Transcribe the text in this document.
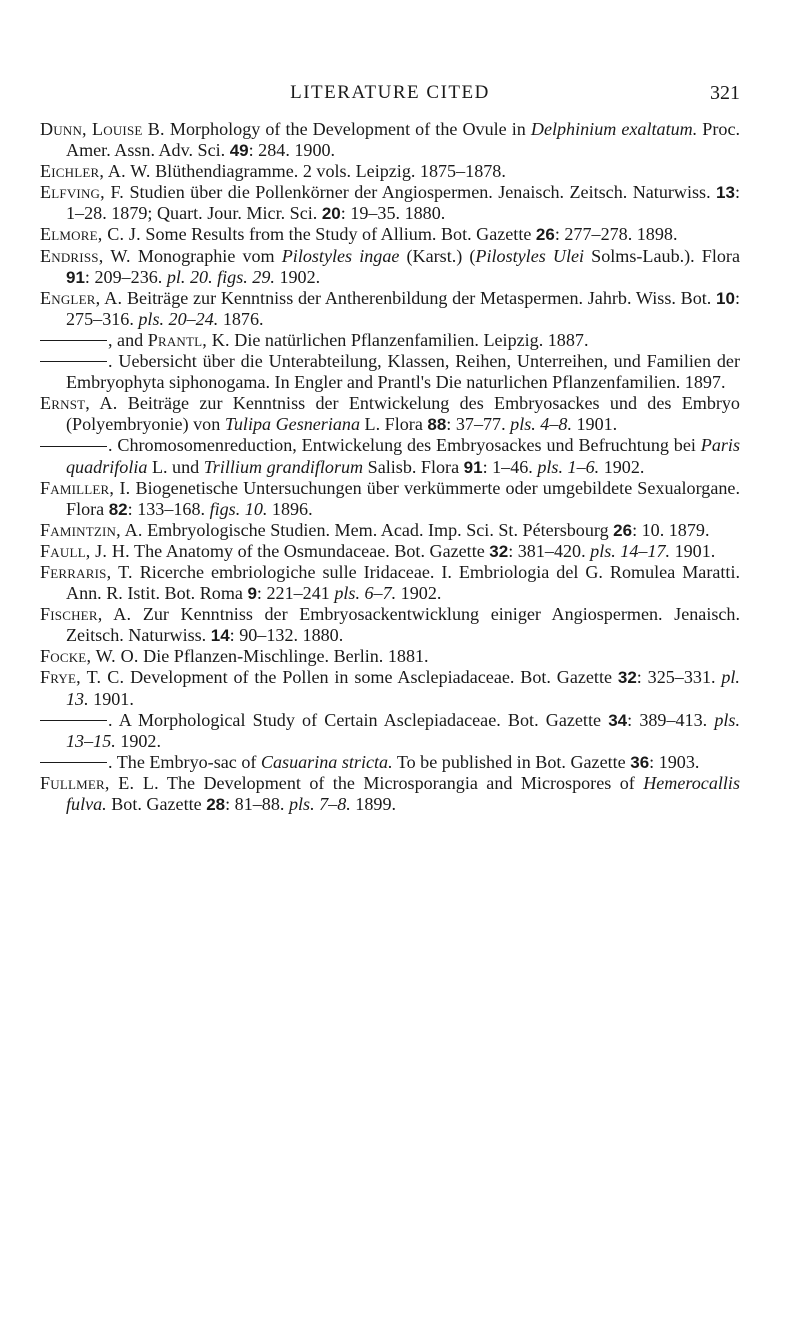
LITERATURE CITED	321
Dunn, Louise B. Morphology of the Development of the Ovule in Delphinium exaltatum. Proc. Amer. Assn. Adv. Sci. 49: 284. 1900.
Eichler, A. W. Blüthendiagramme. 2 vols. Leipzig. 1875–1878.
Elfving, F. Studien über die Pollenkörner der Angiospermen. Jenaisch. Zeitsch. Naturwiss. 13: 1–28. 1879; Quart. Jour. Micr. Sci. 20: 19–35. 1880.
Elmore, C. J. Some Results from the Study of Allium. Bot. Gazette 26: 277–278. 1898.
Endriss, W. Monographie vom Pilostyles ingae (Karst.) (Pilostyles Ulei Solms-Laub.). Flora 91: 209–236. pl. 20. figs. 29. 1902.
Engler, A. Beiträge zur Kenntniss der Antherenbildung der Metaspermen. Jahrb. Wiss. Bot. 10: 275–316. pls. 20–24. 1876.
, and Prantl, K. Die natürlichen Pflanzenfamilien. Leipzig. 1887.
. Uebersicht über die Unterabteilung, Klassen, Reihen, Unterreihen, und Familien der Embryophyta siphonogama. In Engler and Prantl's Die naturlichen Pflanzenfamilien. 1897.
Ernst, A. Beiträge zur Kenntniss der Entwickelung des Embryosackes und des Embryo (Polyembryonie) von Tulipa Gesneriana L. Flora 88: 37–77. pls. 4–8. 1901.
. Chromosomenreduction, Entwickelung des Embryosackes und Befruchtung bei Paris quadrifolia L. und Trillium grandiflorum Salisb. Flora 91: 1–46. pls. 1–6. 1902.
Familler, I. Biogenetische Untersuchungen über verkümmerte oder umgebildete Sexualorgane. Flora 82: 133–168. figs. 10. 1896.
Famintzin, A. Embryologische Studien. Mem. Acad. Imp. Sci. St. Pétersbourg 26: 10. 1879.
Faull, J. H. The Anatomy of the Osmundaceae. Bot. Gazette 32: 381–420. pls. 14–17. 1901.
Ferraris, T. Ricerche embriologiche sulle Iridaceae. I. Embriologia del G. Romulea Maratti. Ann. R. Istit. Bot. Roma 9: 221–241 pls. 6–7. 1902.
Fischer, A. Zur Kenntniss der Embryosackentwicklung einiger Angiospermen. Jenaisch. Zeitsch. Naturwiss. 14: 90–132. 1880.
Focke, W. O. Die Pflanzen-Mischlinge. Berlin. 1881.
Frye, T. C. Development of the Pollen in some Asclepiadaceae. Bot. Gazette 32: 325–331. pl. 13. 1901.
. A Morphological Study of Certain Asclepiadaceae. Bot. Gazette 34: 389–413. pls. 13–15. 1902.
. The Embryo-sac of Casuarina stricta. To be published in Bot. Gazette 36: 1903.
Fullmer, E. L. The Development of the Microsporangia and Microspores of Hemerocallis fulva. Bot. Gazette 28: 81–88. pls. 7–8. 1899.
